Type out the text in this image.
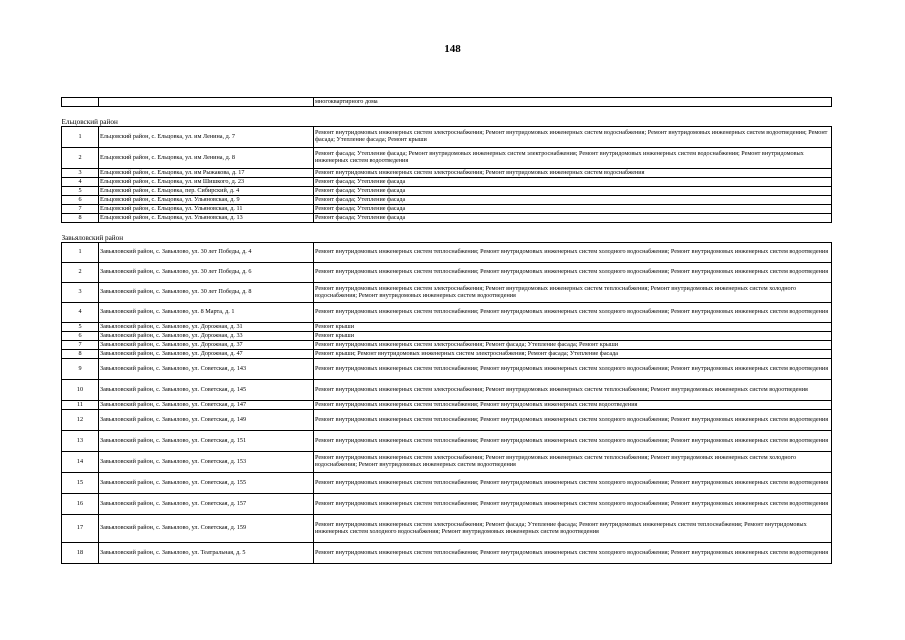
148
		многоквартирного дома

Ельцовский район		
1	Ельцовский район, с. Ельцовка, ул. им Ленина, д. 7	Ремонт внутридомовых инженерных систем электроснабжения; Ремонт внутридомовых инженерных систем водоснабжения; Ремонт внутридомовых инженерных систем водоотведения; Ремонт фасада; Утепление фасада; Ремонт крыши
2	Ельцовский район, с. Ельцовка, ул. им Ленина, д. 8	Ремонт фасада; Утепление фасада; Ремонт внутридомовых инженерных систем электроснабжения; Ремонт внутридомовых инженерных систем водоснабжения; Ремонт внутридомовых инженерных систем водоотведения
3	Ельцовский район, с. Ельцовка, ул. им Рыжакова, д. 17	Ремонт внутридомовых инженерных систем электроснабжения; Ремонт внутридомовых инженерных систем водоснабжения
4	Ельцовский район, с. Ельцовка, ул. им Шишкого, д. 23	Ремонт фасада; Утепление фасада
5	Ельцовский район, с. Ельцовка, пер. Сибирский, д. 4	Ремонт фасада; Утепление фасада
6	Ельцовский район, с. Ельцовка, ул. Ульяновская, д. 9	Ремонт фасада; Утепление фасада
7	Ельцовский район, с. Ельцовка, ул. Ульяновская, д. 11	Ремонт фасада; Утепление фасада
8	Ельцовский район, с. Ельцовка, ул. Ульяновская, д. 13	Ремонт фасада; Утепление фасада

Завьяловский район		
1	Завьяловский район, с. Завьялово, ул. 30 лет Победы, д. 4	Ремонт внутридомовых инженерных систем теплоснабжения; Ремонт внутридомовых инженерных систем холодного водоснабжения; Ремонт внутридомовых инженерных систем водоотведения
2	Завьяловский район, с. Завьялово, ул. 30 лет Победы, д. 6	Ремонт внутридомовых инженерных систем теплоснабжения; Ремонт внутридомовых инженерных систем холодного водоснабжения; Ремонт внутридомовых инженерных систем водоотведения
3	Завьяловский район, с. Завьялово, ул. 30 лет Победы, д. 8	Ремонт внутридомовых инженерных систем электроснабжения; Ремонт внутридомовых инженерных систем теплоснабжения; Ремонт внутридомовых инженерных систем холодного водоснабжения; Ремонт внутридомовых инженерных систем водоотведения
4	Завьяловский район, с. Завьялово, ул. 8 Марта, д. 1	Ремонт внутридомовых инженерных систем теплоснабжения; Ремонт внутридомовых инженерных систем холодного водоснабжения; Ремонт внутридомовых инженерных систем водоотведения
5	Завьяловский район, с. Завьялово, ул. Дорожная, д. 31	Ремонт крыши
6	Завьяловский район, с. Завьялово, ул. Дорожная, д. 33	Ремонт крыши
7	Завьяловский район, с. Завьялово, ул. Дорожная, д. 37	Ремонт внутридомовых инженерных систем электроснабжения; Ремонт фасада; Утепление фасада; Ремонт крыши
8	Завьяловский район, с. Завьялово, ул. Дорожная, д. 47	Ремонт крыши; Ремонт внутридомовых инженерных систем электроснабжения; Ремонт фасада; Утепление фасада
9	Завьяловский район, с. Завьялово, ул. Советская, д. 143	Ремонт внутридомовых инженерных систем теплоснабжения; Ремонт внутридомовых инженерных систем холодного водоснабжения; Ремонт внутридомовых инженерных систем водоотведения
10	Завьяловский район, с. Завьялово, ул. Советская, д. 145	Ремонт внутридомовых инженерных систем электроснабжения; Ремонт внутридомовых инженерных систем теплоснабжения; Ремонт внутридомовых инженерных систем водоотведения
11	Завьяловский район, с. Завьялово, ул. Советская, д. 147	Ремонт внутридомовых инженерных систем теплоснабжения; Ремонт внутридомовых инженерных систем водоотведения
12	Завьяловский район, с. Завьялово, ул. Советская, д. 149	Ремонт внутридомовых инженерных систем теплоснабжения; Ремонт внутридомовых инженерных систем холодного водоснабжения; Ремонт внутридомовых инженерных систем водоотведения
13	Завьяловский район, с. Завьялово, ул. Советская, д. 151	Ремонт внутридомовых инженерных систем теплоснабжения; Ремонт внутридомовых инженерных систем холодного водоснабжения; Ремонт внутридомовых инженерных систем водоотведения
14	Завьяловский район, с. Завьялово, ул. Советская, д. 153	Ремонт внутридомовых инженерных систем электроснабжения; Ремонт внутридомовых инженерных систем теплоснабжения; Ремонт внутридомовых инженерных систем холодного водоснабжения; Ремонт внутридомовых инженерных систем водоотведения
15	Завьяловский район, с. Завьялово, ул. Советская, д. 155	Ремонт внутридомовых инженерных систем теплоснабжения; Ремонт внутридомовых инженерных систем холодного водоснабжения; Ремонт внутридомовых инженерных систем водоотведения
16	Завьяловский район, с. Завьялово, ул. Советская, д. 157	Ремонт внутридомовых инженерных систем теплоснабжения; Ремонт внутридомовых инженерных систем холодного водоснабжения; Ремонт внутридомовых инженерных систем водоотведения
17	Завьяловский район, с. Завьялово, ул. Советская, д. 159	Ремонт внутридомовых инженерных систем электроснабжения; Ремонт фасада; Утепление фасада; Ремонт внутридомовых инженерных систем теплоснабжения; Ремонт внутридомовых инженерных систем холодного водоснабжения; Ремонт внутридомовых инженерных систем водоотведения
18	Завьяловский район, с. Завьялово, ул. Театральная, д. 5	Ремонт внутридомовых инженерных систем теплоснабжения; Ремонт внутридомовых инженерных систем холодного водоснабжения; Ремонт внутридомовых инженерных систем водоотведения
